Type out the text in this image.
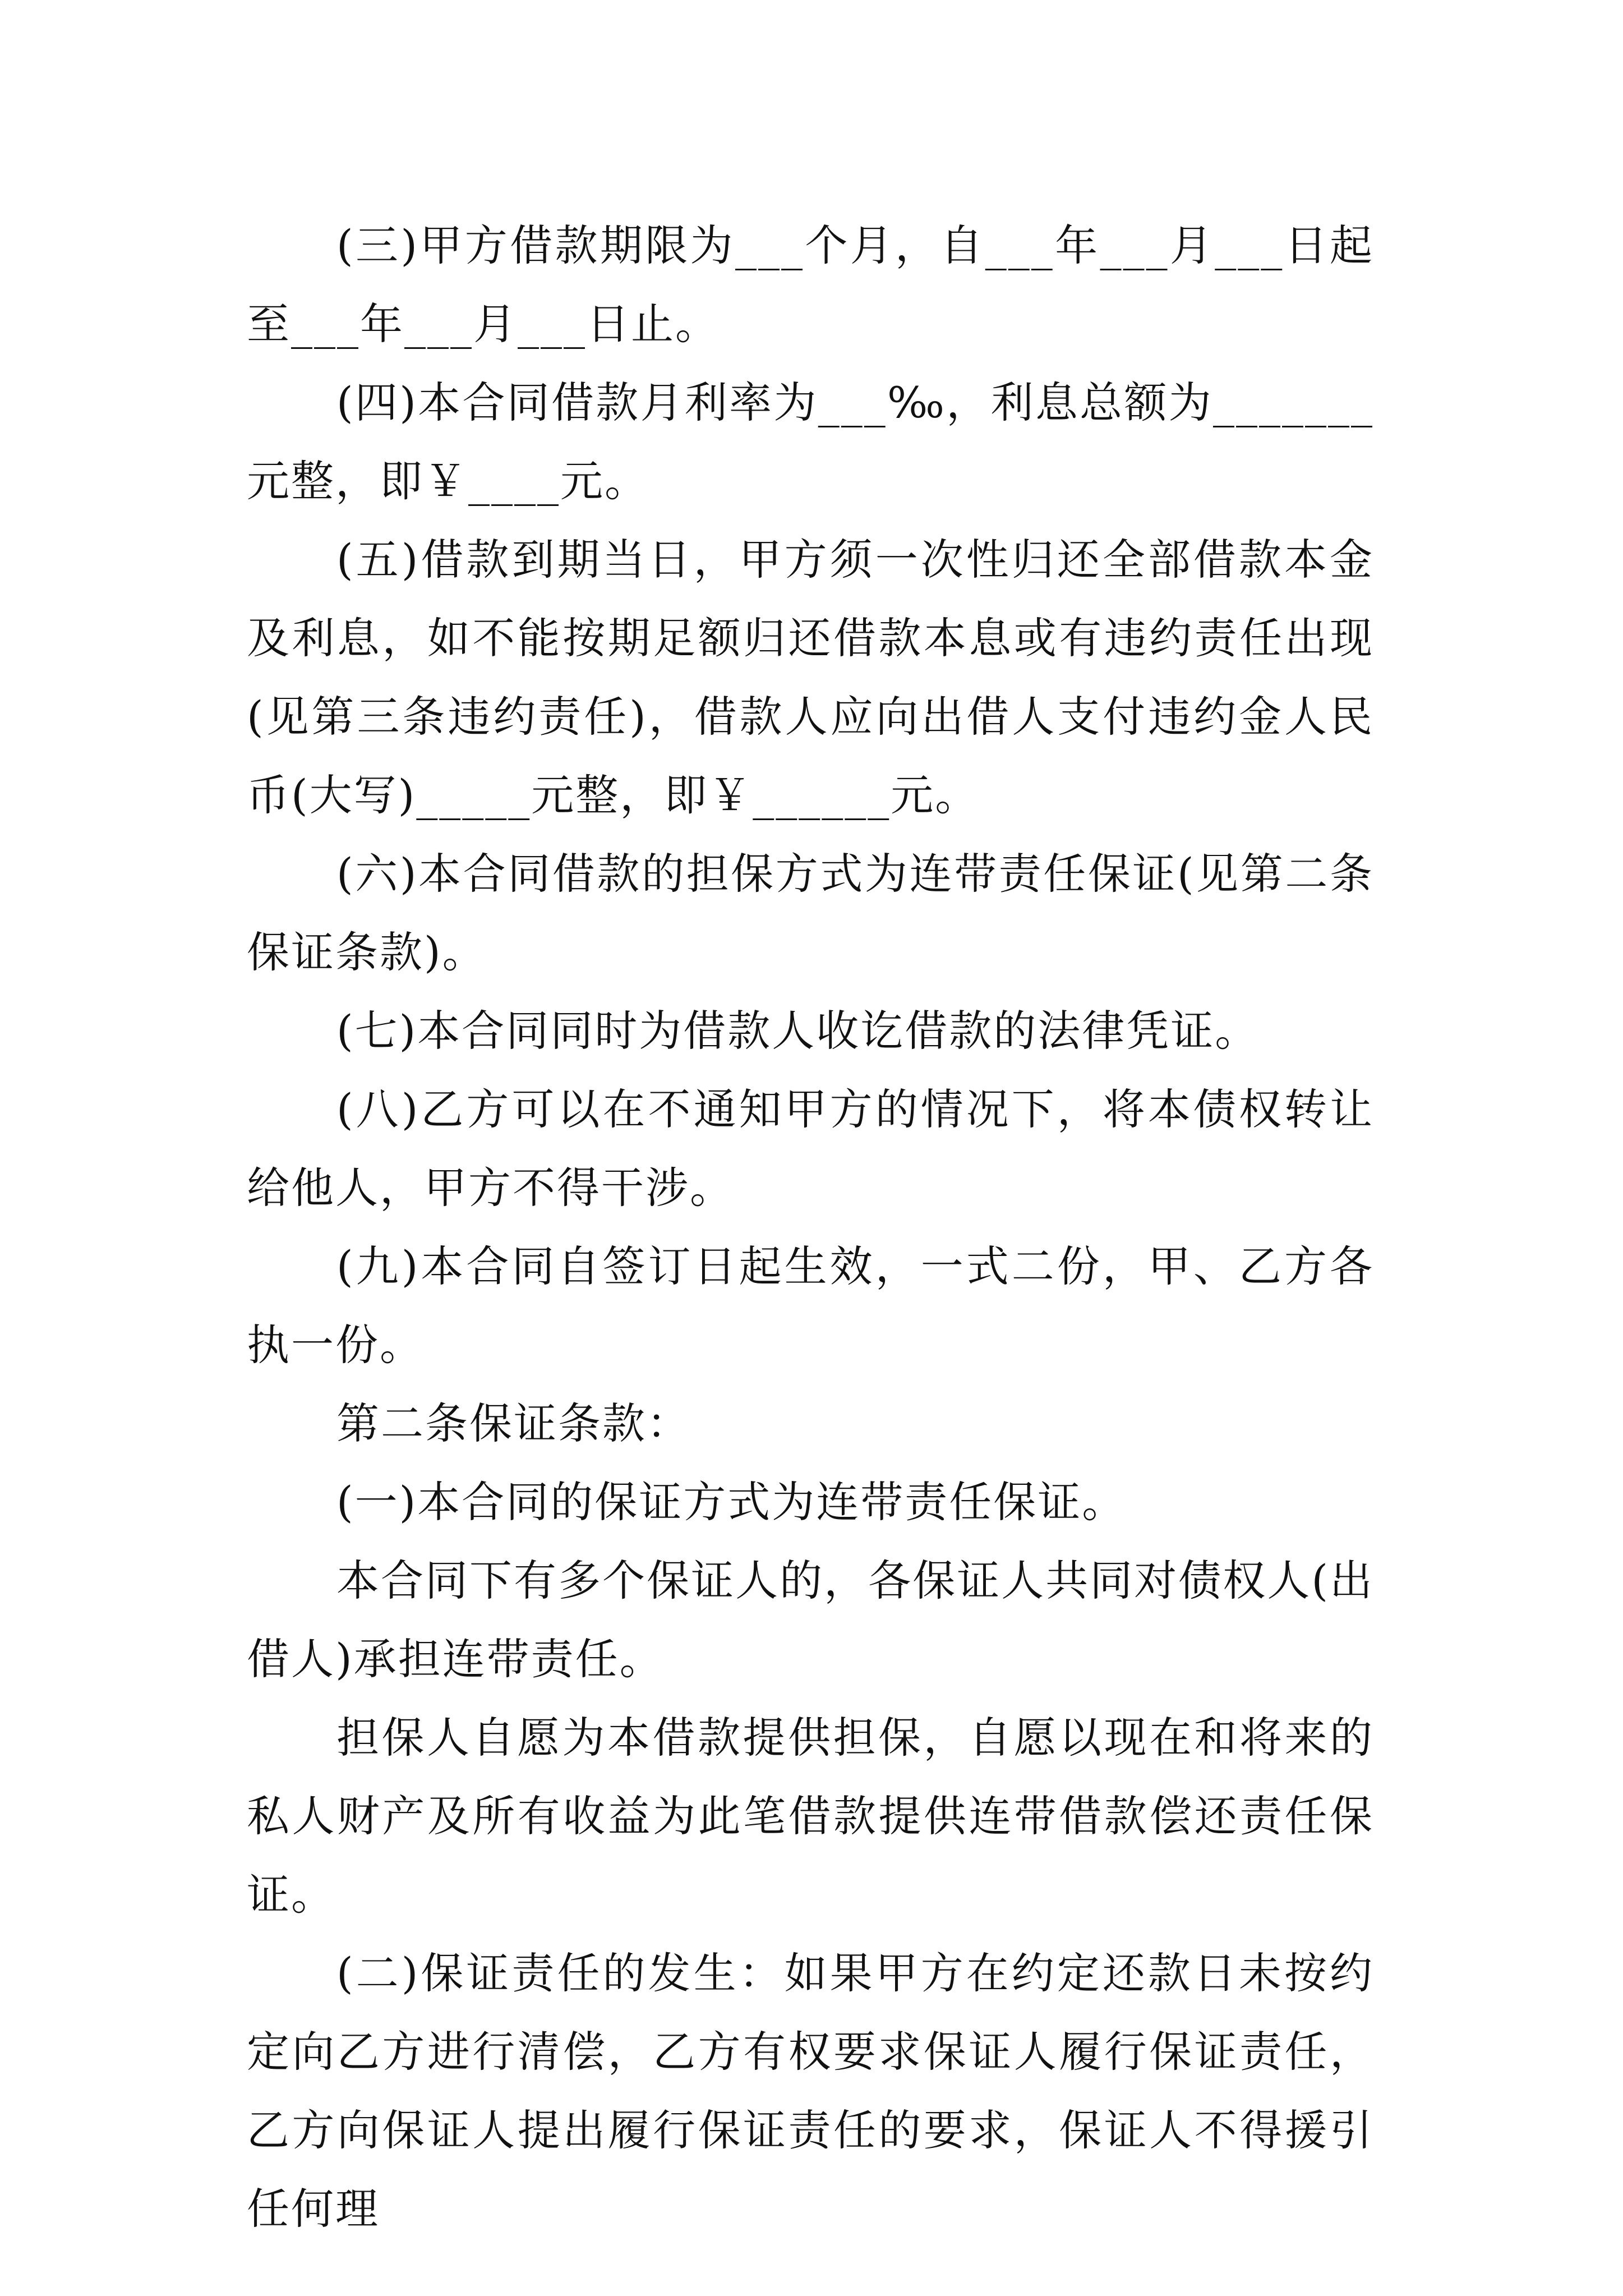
(三)甲方借款期限为___个月，自___年___月___日起至___年___月___日止。

(四)本合同借款月利率为___‰，利息总额为_______元整，即￥____元。

(五)借款到期当日，甲方须一次性归还全部借款本金及利息，如不能按期足额归还借款本息或有违约责任出现(见第三条违约责任)，借款人应向出借人支付违约金人民币(大写)_____元整，即￥______元。

(六)本合同借款的担保方式为连带责任保证(见第二条保证条款)。

(七)本合同同时为借款人收讫借款的法律凭证。

(八)乙方可以在不通知甲方的情况下，将本债权转让给他人，甲方不得干涉。

(九)本合同自签订日起生效，一式二份，甲、乙方各执一份。

第二条保证条款：

(一)本合同的保证方式为连带责任保证。

本合同下有多个保证人的，各保证人共同对债权人(出借人)承担连带责任。

担保人自愿为本借款提供担保，自愿以现在和将来的私人财产及所有收益为此笔借款提供连带借款偿还责任保证。

(二)保证责任的发生：如果甲方在约定还款日未按约定向乙方进行清偿，乙方有权要求保证人履行保证责任，乙方向保证人提出履行保证责任的要求，保证人不得援引任何理
